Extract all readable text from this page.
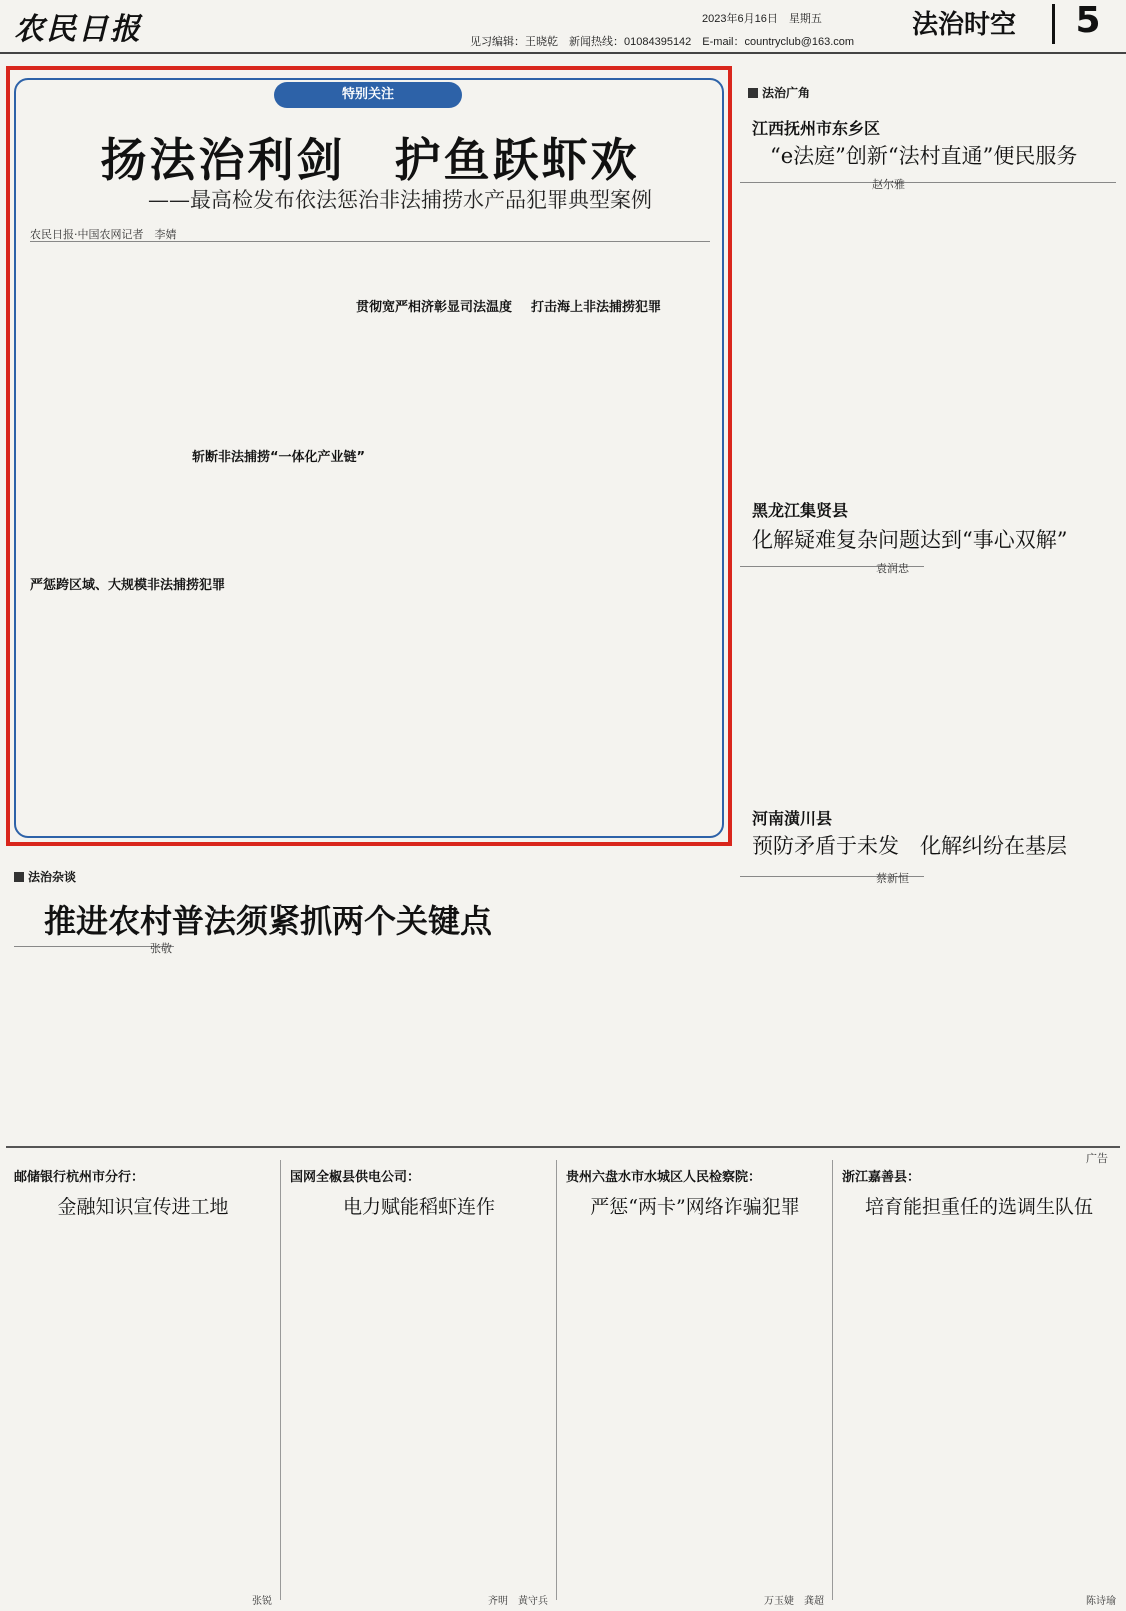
农民日报	2023年6月16日　星期五
见习编辑：王晓乾　新闻热线：01084395142　E-mail：countryclub@163.com
法治时空	5
特别关注
扬法治利剑　护鱼跃虾欢
——最高检发布依法惩治非法捕捞水产品犯罪典型案例
农民日报·中国农网记者　李婧
严惩跨区域、大规模非法捕捞犯罪
斩断非法捕捞“一体化产业链”
贯彻宽严相济彰显司法温度	打击海上非法捕捞犯罪
法治广角
江西抚州市东乡区
“e法庭”创新“法村直通”便民服务
赵尔雅
黑龙江集贤县
化解疑难复杂问题达到“事心双解”
袁润忠
河南潢川县
预防矛盾于未发　化解纠纷在基层
蔡新恒
法治杂谈
推进农村普法须紧抓两个关键点
张敬
广告
邮储银行杭州市分行：
金融知识宣传进工地
张锐
国网全椒县供电公司：
电力赋能稻虾连作
齐明　黄守兵
贵州六盘水市水城区人民检察院：
严惩“两卡”网络诈骗犯罪
万玉婕　龚超
浙江嘉善县：
培育能担重任的选调生队伍
陈诗瑜
